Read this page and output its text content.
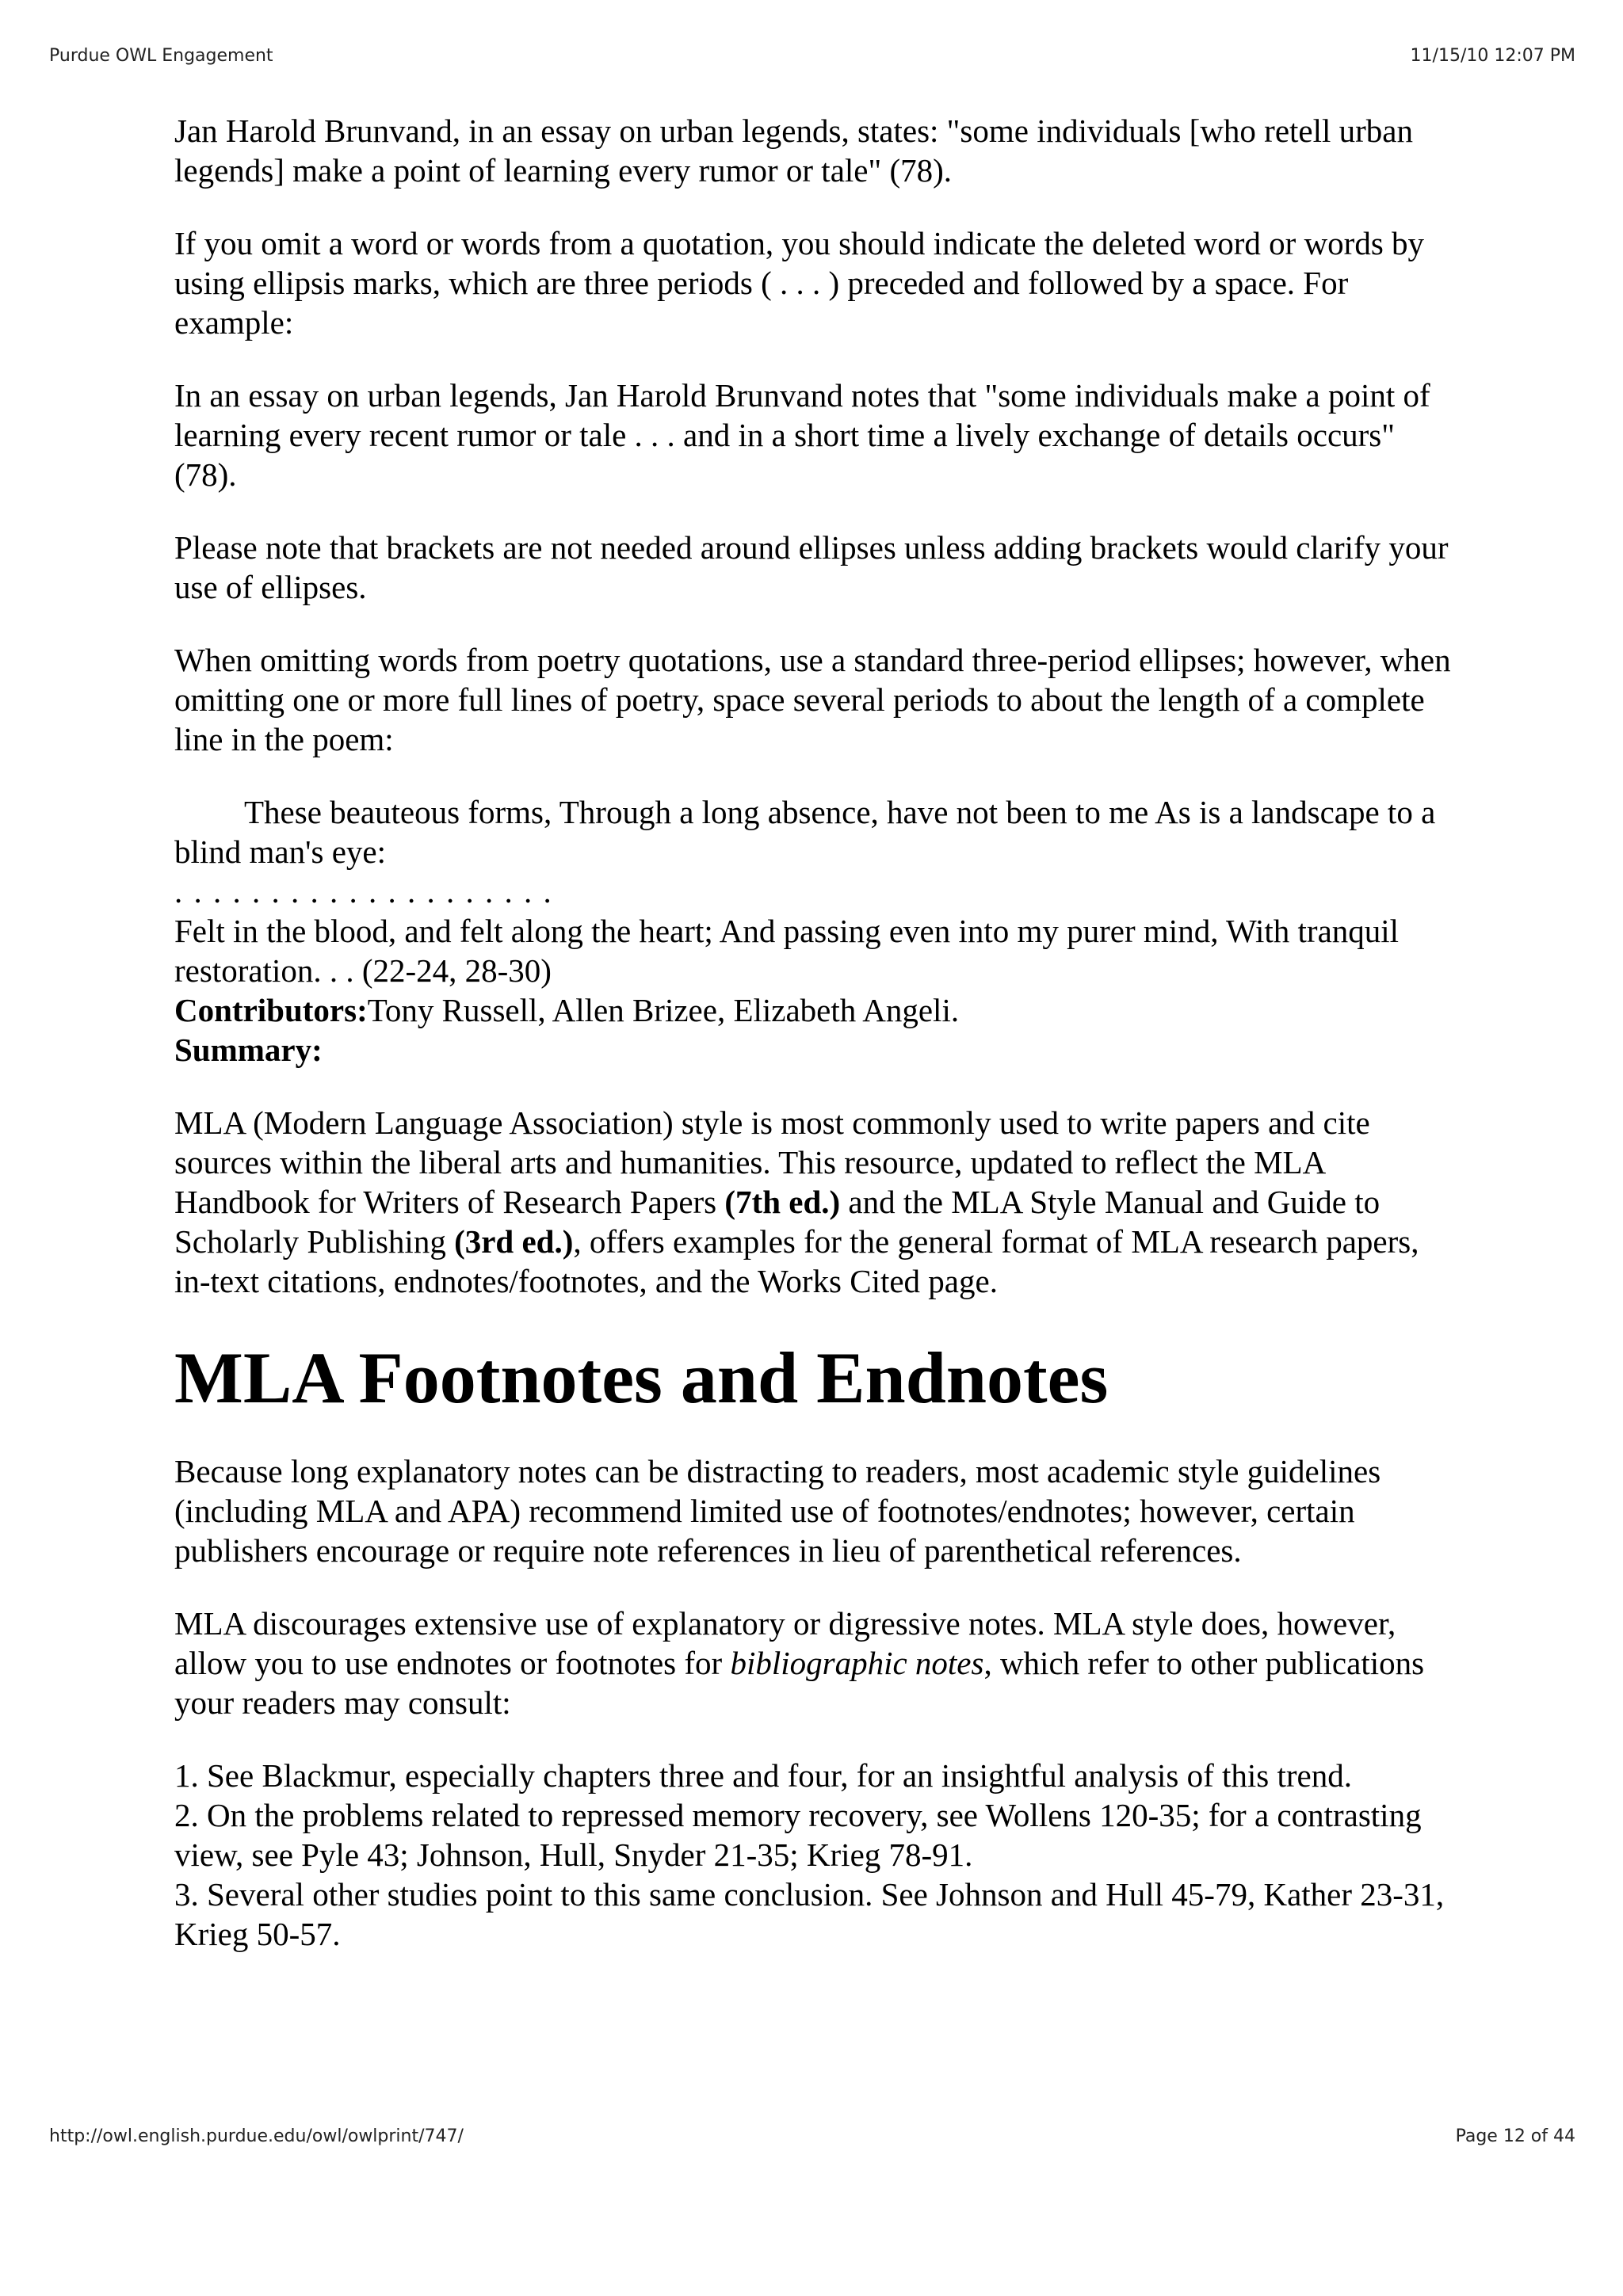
Purdue OWL Engagement	11/15/10 12:07 PM

Jan Harold Brunvand, in an essay on urban legends, states: "some individuals [who retell urban legends] make a point of learning every rumor or tale" (78).

If you omit a word or words from a quotation, you should indicate the deleted word or words by using ellipsis marks, which are three periods ( . . . ) preceded and followed by a space. For example:

In an essay on urban legends, Jan Harold Brunvand notes that "some individuals make a point of learning every recent rumor or tale . . . and in a short time a lively exchange of details occurs" (78).

Please note that brackets are not needed around ellipses unless adding brackets would clarify your use of ellipses.

When omitting words from poetry quotations, use a standard three-period ellipses; however, when omitting one or more full lines of poetry, space several periods to about the length of a complete line in the poem:

These beauteous forms, Through a long absence, have not been to me As is a landscape to a blind man's eye:

. . . . . . . . . . . . . . . . . . . .

Felt in the blood, and felt along the heart; And passing even into my purer mind, With tranquil restoration. . . (22-24, 28-30)

Contributors:Tony Russell, Allen Brizee, Elizabeth Angeli.

Summary:

MLA (Modern Language Association) style is most commonly used to write papers and cite sources within the liberal arts and humanities. This resource, updated to reflect the MLA Handbook for Writers of Research Papers (7th ed.) and the MLA Style Manual and Guide to Scholarly Publishing (3rd ed.), offers examples for the general format of MLA research papers, in-text citations, endnotes/footnotes, and the Works Cited page.

MLA Footnotes and Endnotes

Because long explanatory notes can be distracting to readers, most academic style guidelines (including MLA and APA) recommend limited use of footnotes/endnotes; however, certain publishers encourage or require note references in lieu of parenthetical references.

MLA discourages extensive use of explanatory or digressive notes. MLA style does, however, allow you to use endnotes or footnotes for bibliographic notes, which refer to other publications your readers may consult:

1. See Blackmur, especially chapters three and four, for an insightful analysis of this trend.
2. On the problems related to repressed memory recovery, see Wollens 120-35; for a contrasting view, see Pyle 43; Johnson, Hull, Snyder 21-35; Krieg 78-91.
3. Several other studies point to this same conclusion. See Johnson and Hull 45-79, Kather 23-31, Krieg 50-57.
http://owl.english.purdue.edu/owl/owlprint/747/	Page 12 of 44
